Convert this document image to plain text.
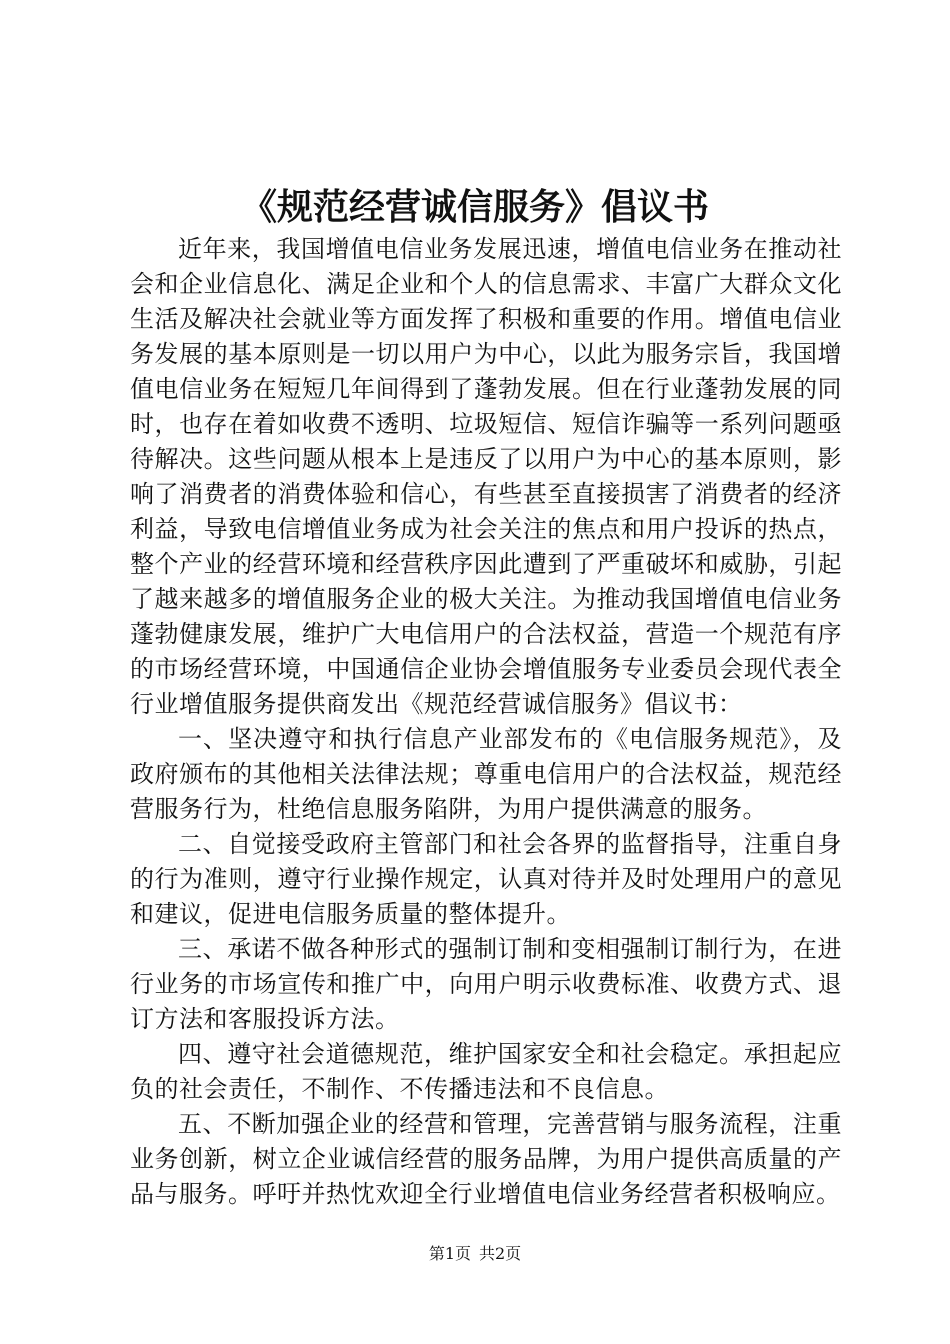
《规范经营诚信服务》倡议书

近年来，我国增值电信业务发展迅速，增值电信业务在推动社会和企业信息化、满足企业和个人的信息需求、丰富广大群众文化生活及解决社会就业等方面发挥了积极和重要的作用。增值电信业务发展的基本原则是一切以用户为中心，以此为服务宗旨，我国增值电信业务在短短几年间得到了蓬勃发展。但在行业蓬勃发展的同时，也存在着如收费不透明、垃圾短信、短信诈骗等一系列问题亟待解决。这些问题从根本上是违反了以用户为中心的基本原则，影响了消费者的消费体验和信心，有些甚至直接损害了消费者的经济利益，导致电信增值业务成为社会关注的焦点和用户投诉的热点，整个产业的经营环境和经营秩序因此遭到了严重破坏和威胁，引起了越来越多的增值服务企业的极大关注。为推动我国增值电信业务蓬勃健康发展，维护广大电信用户的合法权益，营造一个规范有序的市场经营环境，中国通信企业协会增值服务专业委员会现代表全行业增值服务提供商发出《规范经营诚信服务》倡议书：

一、坚决遵守和执行信息产业部发布的《电信服务规范》，及政府颁布的其他相关法律法规；尊重电信用户的合法权益，规范经营服务行为，杜绝信息服务陷阱，为用户提供满意的服务。

二、自觉接受政府主管部门和社会各界的监督指导，注重自身的行为准则，遵守行业操作规定，认真对待并及时处理用户的意见和建议，促进电信服务质量的整体提升。

三、承诺不做各种形式的强制订制和变相强制订制行为，在进行业务的市场宣传和推广中，向用户明示收费标准、收费方式、退订方法和客服投诉方法。

四、遵守社会道德规范，维护国家安全和社会稳定。承担起应负的社会责任，不制作、不传播违法和不良信息。

五、不断加强企业的经营和管理，完善营销与服务流程，注重业务创新，树立企业诚信经营的服务品牌，为用户提供高质量的产品与服务。呼吁并热忱欢迎全行业增值电信业务经营者积极响应。

第1页 共2页
